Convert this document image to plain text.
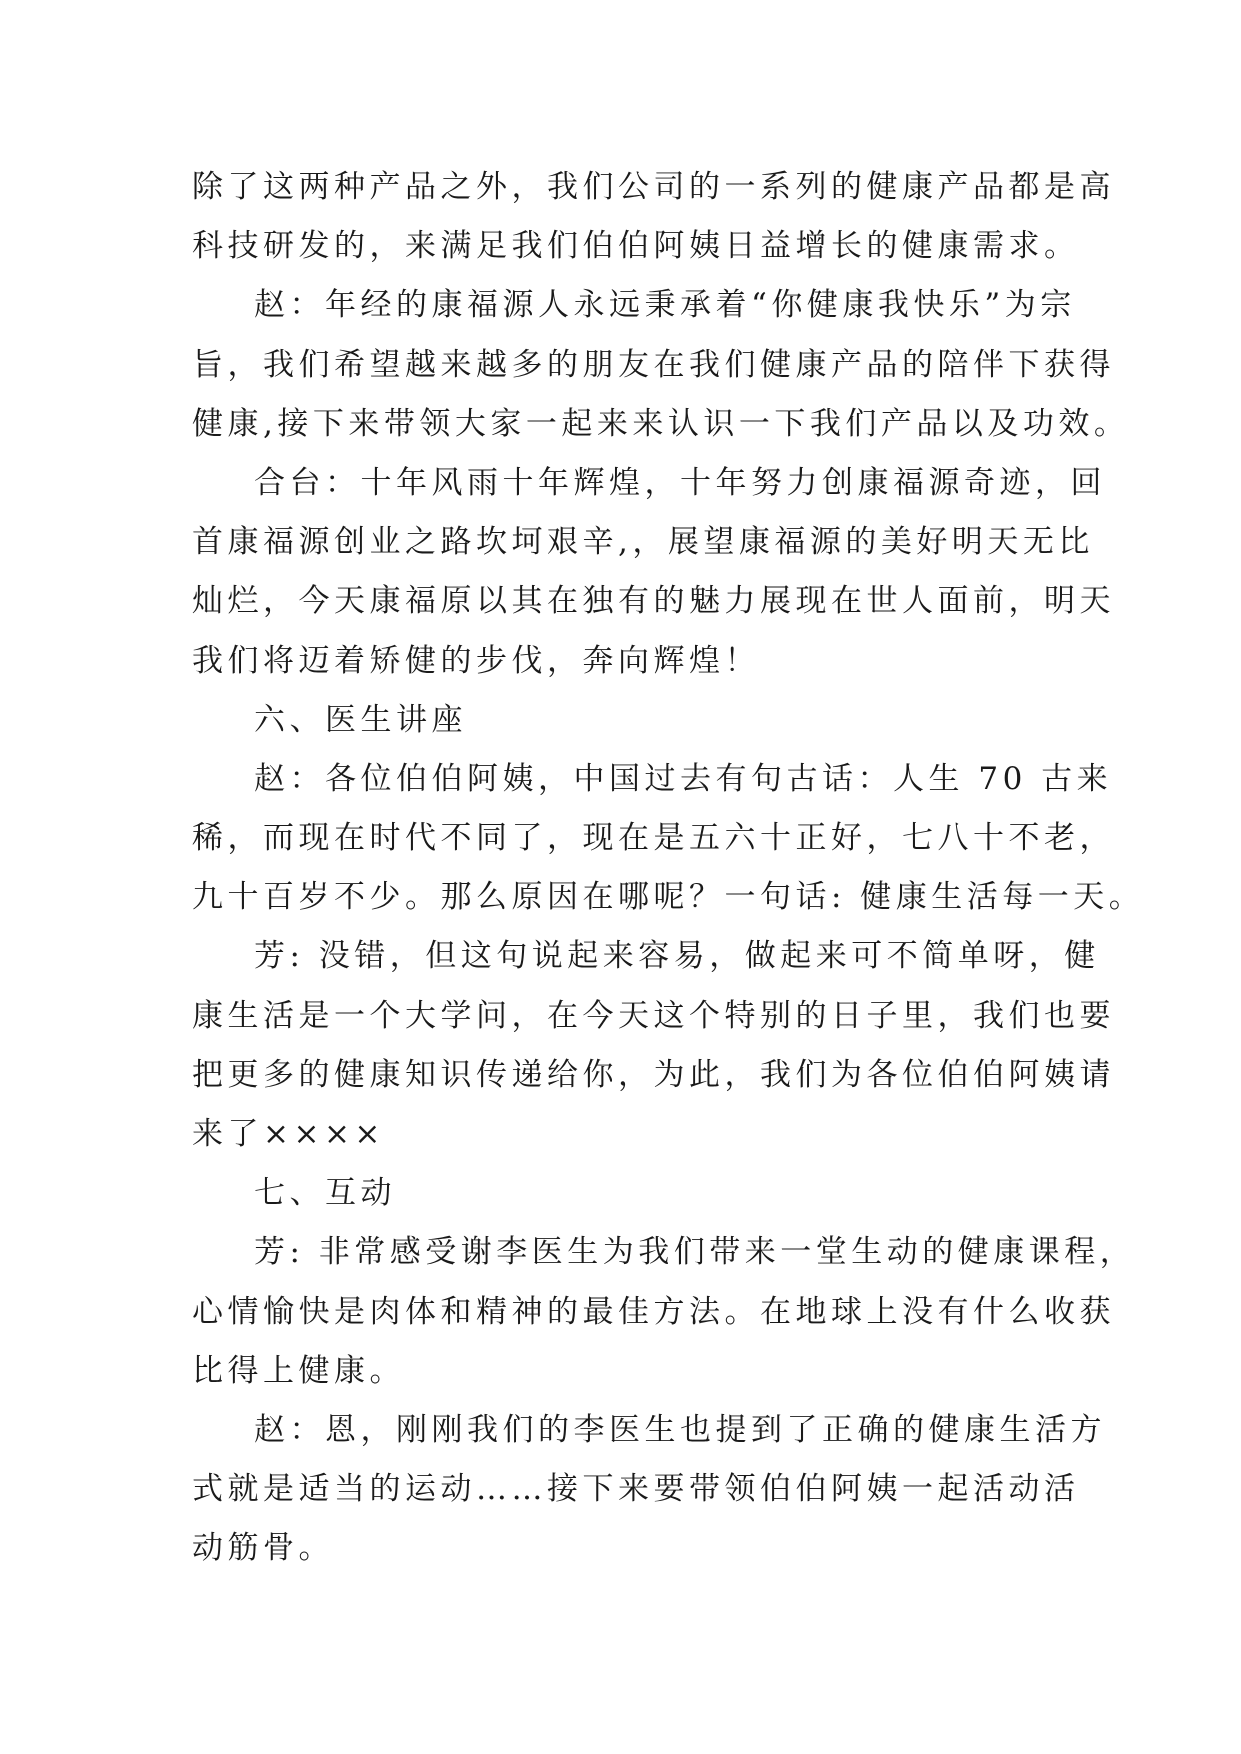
除了这两种产品之外，我们公司的一系列的健康产品都是高
科技研发的，来满足我们伯伯阿姨日益增长的健康需求。
赵：年经的康福源人永远秉承着“你健康我快乐”为宗
旨，我们希望越来越多的朋友在我们健康产品的陪伴下获得
健康,接下来带领大家一起来来认识一下我们产品以及功效。
合台：十年风雨十年辉煌，十年努力创康福源奇迹，回
首康福源创业之路坎坷艰辛,，展望康福源的美好明天无比
灿烂，今天康福原以其在独有的魅力展现在世人面前，明天
我们将迈着矫健的步伐，奔向辉煌！
六、医生讲座
赵：各位伯伯阿姨，中国过去有句古话：人生 70 古来
稀，而现在时代不同了，现在是五六十正好，七八十不老，
九十百岁不少。那么原因在哪呢？一句话: 健康生活每一天。
芳: 没错，但这句说起来容易，做起来可不简单呀，健
康生活是一个大学问，在今天这个特别的日子里，我们也要
把更多的健康知识传递给你，为此，我们为各位伯伯阿姨请
来了××××
七、互动
芳: 非常感受谢李医生为我们带来一堂生动的健康课程，
心情愉快是肉体和精神的最佳方法。在地球上没有什么收获
比得上健康。
赵：恩，刚刚我们的李医生也提到了正确的健康生活方
式就是适当的运动……接下来要带领伯伯阿姨一起活动活
动筋骨。
